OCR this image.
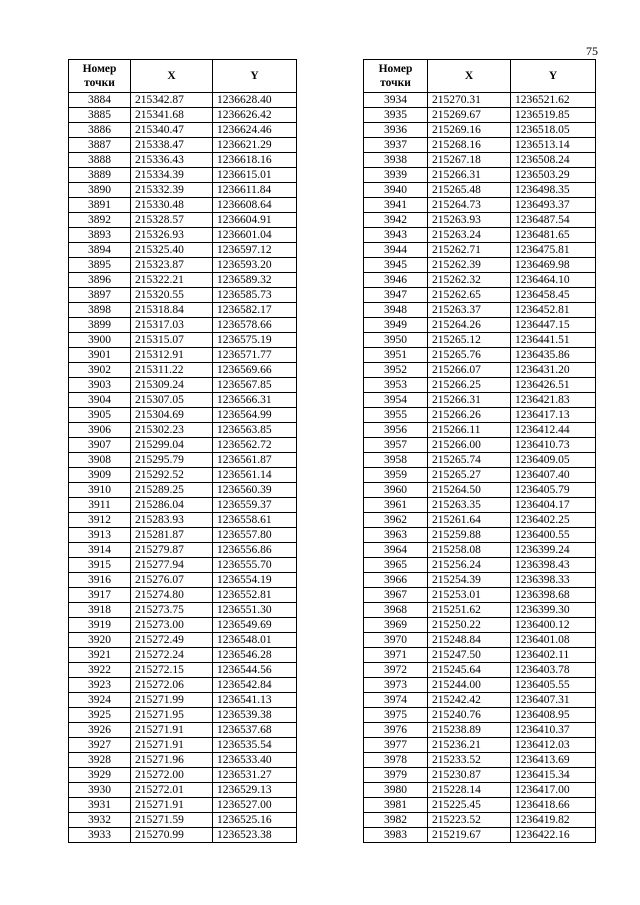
75
Номер
точки	X	Y
3884	215342.87	1236628.40
3885	215341.68	1236626.42
3886	215340.47	1236624.46
3887	215338.47	1236621.29
3888	215336.43	1236618.16
3889	215334.39	1236615.01
3890	215332.39	1236611.84
3891	215330.48	1236608.64
3892	215328.57	1236604.91
3893	215326.93	1236601.04
3894	215325.40	1236597.12
3895	215323.87	1236593.20
3896	215322.21	1236589.32
3897	215320.55	1236585.73
3898	215318.84	1236582.17
3899	215317.03	1236578.66
3900	215315.07	1236575.19
3901	215312.91	1236571.77
3902	215311.22	1236569.66
3903	215309.24	1236567.85
3904	215307.05	1236566.31
3905	215304.69	1236564.99
3906	215302.23	1236563.85
3907	215299.04	1236562.72
3908	215295.79	1236561.87
3909	215292.52	1236561.14
3910	215289.25	1236560.39
3911	215286.04	1236559.37
3912	215283.93	1236558.61
3913	215281.87	1236557.80
3914	215279.87	1236556.86
3915	215277.94	1236555.70
3916	215276.07	1236554.19
3917	215274.80	1236552.81
3918	215273.75	1236551.30
3919	215273.00	1236549.69
3920	215272.49	1236548.01
3921	215272.24	1236546.28
3922	215272.15	1236544.56
3923	215272.06	1236542.84
3924	215271.99	1236541.13
3925	215271.95	1236539.38
3926	215271.91	1236537.68
3927	215271.91	1236535.54
3928	215271.96	1236533.40
3929	215272.00	1236531.27
3930	215272.01	1236529.13
3931	215271.91	1236527.00
3932	215271.59	1236525.16
3933	215270.99	1236523.38
Номер
точки	X	Y
3934	215270.31	1236521.62
3935	215269.67	1236519.85
3936	215269.16	1236518.05
3937	215268.16	1236513.14
3938	215267.18	1236508.24
3939	215266.31	1236503.29
3940	215265.48	1236498.35
3941	215264.73	1236493.37
3942	215263.93	1236487.54
3943	215263.24	1236481.65
3944	215262.71	1236475.81
3945	215262.39	1236469.98
3946	215262.32	1236464.10
3947	215262.65	1236458.45
3948	215263.37	1236452.81
3949	215264.26	1236447.15
3950	215265.12	1236441.51
3951	215265.76	1236435.86
3952	215266.07	1236431.20
3953	215266.25	1236426.51
3954	215266.31	1236421.83
3955	215266.26	1236417.13
3956	215266.11	1236412.44
3957	215266.00	1236410.73
3958	215265.74	1236409.05
3959	215265.27	1236407.40
3960	215264.50	1236405.79
3961	215263.35	1236404.17
3962	215261.64	1236402.25
3963	215259.88	1236400.55
3964	215258.08	1236399.24
3965	215256.24	1236398.43
3966	215254.39	1236398.33
3967	215253.01	1236398.68
3968	215251.62	1236399.30
3969	215250.22	1236400.12
3970	215248.84	1236401.08
3971	215247.50	1236402.11
3972	215245.64	1236403.78
3973	215244.00	1236405.55
3974	215242.42	1236407.31
3975	215240.76	1236408.95
3976	215238.89	1236410.37
3977	215236.21	1236412.03
3978	215233.52	1236413.69
3979	215230.87	1236415.34
3980	215228.14	1236417.00
3981	215225.45	1236418.66
3982	215223.52	1236419.82
3983	215219.67	1236422.16
